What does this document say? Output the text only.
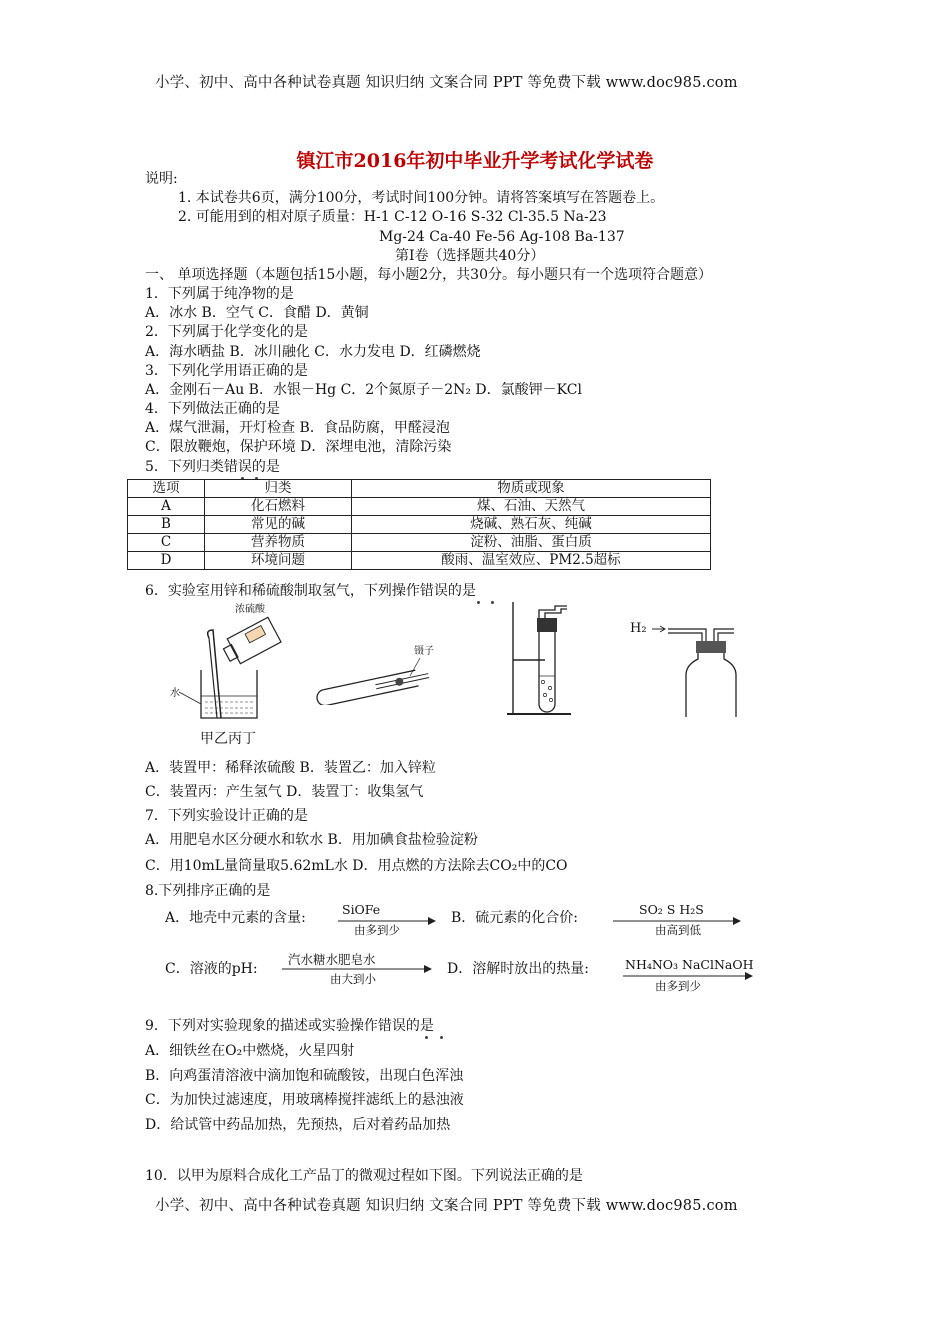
小学、初中、高中各种试卷真题 知识归纳 文案合同 PPT 等免费下载 www.doc985.com
镇江市2016年初中毕业升学考试化学试卷
说明:
1. 本试卷共6页，满分100分，考试时间100分钟。请将答案填写在答题卷上。
2. 可能用到的相对原子质量：H-1 C-12 O-16 S-32 Cl-35.5 Na-23
Mg-24 Ca-40 Fe-56 Ag-108 Ba-137
第Ⅰ卷（选择题共40分）
一、 单项选择题（本题包括15小题，每小题2分，共30分。每小题只有一个选项符合题意）
1．下列属于纯净物的是
A．冰水 B．空气 C．食醋 D．黄铜
2．下列属于化学变化的是
A．海水晒盐 B．冰川融化 C．水力发电 D．红磷燃烧
3．下列化学用语正确的是
A．金刚石－Au B．水银－Hg C．2个氮原子－2N₂ D．氯酸钾－KCl
4．下列做法正确的是
A．煤气泄漏，开灯检查 B．食品防腐，甲醛浸泡
C．限放鞭炮，保护环境 D．深埋电池，清除污染
5．下列归类错误的是
选项	归类	物质或现象
A	化石燃料	煤、石油、天然气
B	常见的碱	烧碱、熟石灰、纯碱
C	营养物质	淀粉、油脂、蛋白质
D	环境问题	酸雨、温室效应、PM2.5超标
6．实验室用锌和稀硫酸制取氢气，下列操作错误的是
浓硫酸
水
甲乙丙丁
镊子
H₂
A．装置甲：稀释浓硫酸 B．装置乙：加入锌粒
C．装置丙：产生氢气 D．装置丁：收集氢气
7．下列实验设计正确的是
A．用肥皂水区分硬水和软水 B．用加碘食盐检验淀粉
C．用10mL量筒量取5.62mL水 D．用点燃的方法除去CO₂中的CO
8.下列排序正确的是
A．地壳中元素的含量:
SiOFe
由多到少
B．硫元素的化合价:
SO₂ S H₂S
由高到低
C．溶液的pH:
汽水糖水肥皂水
由大到小
D．溶解时放出的热量:	NH₄NO₃ NaClNaOH
由多到少
9．下列对实验现象的描述或实验操作错误的是
A．细铁丝在O₂中燃烧，火星四射
B．向鸡蛋清溶液中滴加饱和硫酸铵，出现白色浑浊
C．为加快过滤速度，用玻璃棒搅拌滤纸上的悬浊液
D．给试管中药品加热，先预热，后对着药品加热
10．以甲为原料合成化工产品丁的微观过程如下图。下列说法正确的是
小学、初中、高中各种试卷真题 知识归纳 文案合同 PPT 等免费下载 www.doc985.com
